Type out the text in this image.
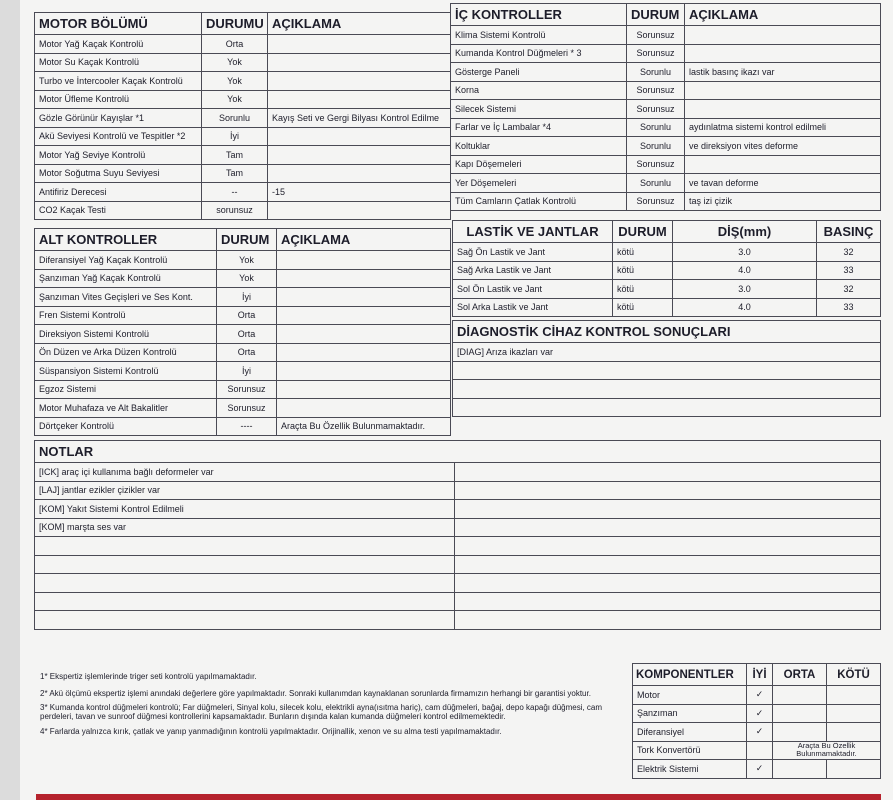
MOTOR BÖLÜMÜ	DURUMU	AÇIKLAMA
Motor Yağ Kaçak Kontrolü	Orta	
Motor Su Kaçak Kontrolü	Yok	
Turbo ve İntercooler Kaçak Kontrolü	Yok	
Motor Üfleme Kontrolü	Yok	
Gözle Görünür Kayışlar *1	Sorunlu	Kayış Seti ve Gergi Bilyası Kontrol Edilme
Akü Seviyesi Kontrolü ve Tespitler *2	İyi	
Motor Yağ Seviye Kontrolü	Tam	
Motor Soğutma Suyu Seviyesi	Tam	
Antifiriz Derecesi	--	-15
CO2 Kaçak Testi	sorunsuz	
İÇ KONTROLLER	DURUM	AÇIKLAMA
Klima Sistemi Kontrolü	Sorunsuz	
Kumanda Kontrol Düğmeleri * 3	Sorunsuz	
Gösterge Paneli	Sorunlu	lastik basınç ikazı var
Korna	Sorunsuz	
Silecek Sistemi	Sorunsuz	
Farlar ve İç Lambalar *4	Sorunlu	aydınlatma sistemi kontrol edilmeli
Koltuklar	Sorunlu	ve direksiyon vites deforme
Kapı Döşemeleri	Sorunsuz	
Yer Döşemeleri	Sorunlu	ve tavan deforme
Tüm Camların Çatlak Kontrolü	Sorunsuz	taş izi çizik
ALT KONTROLLER	DURUM	AÇIKLAMA
Diferansiyel Yağ Kaçak Kontrolü	Yok	
Şanzıman Yağ Kaçak Kontrolü	Yok	
Şanzıman Vites Geçişleri ve Ses Kont.	İyi	
Fren Sistemi Kontrolü	Orta	
Direksiyon Sistemi Kontrolü	Orta	
Ön Düzen ve Arka Düzen Kontrolü	Orta	
Süspansiyon Sistemi Kontrolü	İyi	
Egzoz Sistemi	Sorunsuz	
Motor Muhafaza ve Alt Bakalitler	Sorunsuz	
Dörtçeker Kontrolü	----	Araçta Bu Özellik Bulunmamaktadır.
LASTİK VE JANTLAR	DURUM	DİŞ(mm)	BASINÇ
Sağ Ön Lastik ve Jant	kötü	3.0	32
Sağ Arka Lastik ve Jant	kötü	4.0	33
Sol Ön Lastik ve Jant	kötü	3.0	32
Sol Arka Lastik ve Jant	kötü	4.0	33
DİAGNOSTİK CİHAZ KONTROL SONUÇLARI
[DIAG] Arıza ikazları var

NOTLAR	
[ICK] araç içi kullanıma bağlı deformeler var	
[LAJ] jantlar ezikler çizikler var	
[KOM] Yakıt Sistemi Kontrol Edilmeli	
[KOM] marşta ses var	

1* Ekspertiz işlemlerinde triger seti kontrolü yapılmamaktadır.
2* Akü ölçümü ekspertiz işlemi anındaki değerlere göre yapılmaktadır. Sonraki kullanımdan kaynaklanan sorunlarda firmamızın herhangi bir garantisi yoktur.
3* Kumanda kontrol düğmeleri kontrolü; Far düğmeleri, Sinyal kolu, silecek kolu, elektrikli ayna(ısıtma hariç), cam düğmeleri, bağaj, depo kapağı düğmesi, cam perdeleri, tavan ve sunroof düğmesi kontrollerini kapsamaktadır. Bunların dışında kalan kumanda düğmeleri kontrol edilmemektedir.
4* Farlarda yalnızca kırık, çatlak ve yanıp yanmadığının kontrolü yapılmaktadır. Orijinallik, xenon ve su alma testi yapılmamaktadır.
KOMPONENTLER	İYİ	ORTA	KÖTÜ
Motor	✓		
Şanzıman	✓		
Diferansiyel	✓		
Tork Konvertörü		Araçta Bu Özellik Bulunmamaktadır.	
Elektrik Sistemi	✓		
